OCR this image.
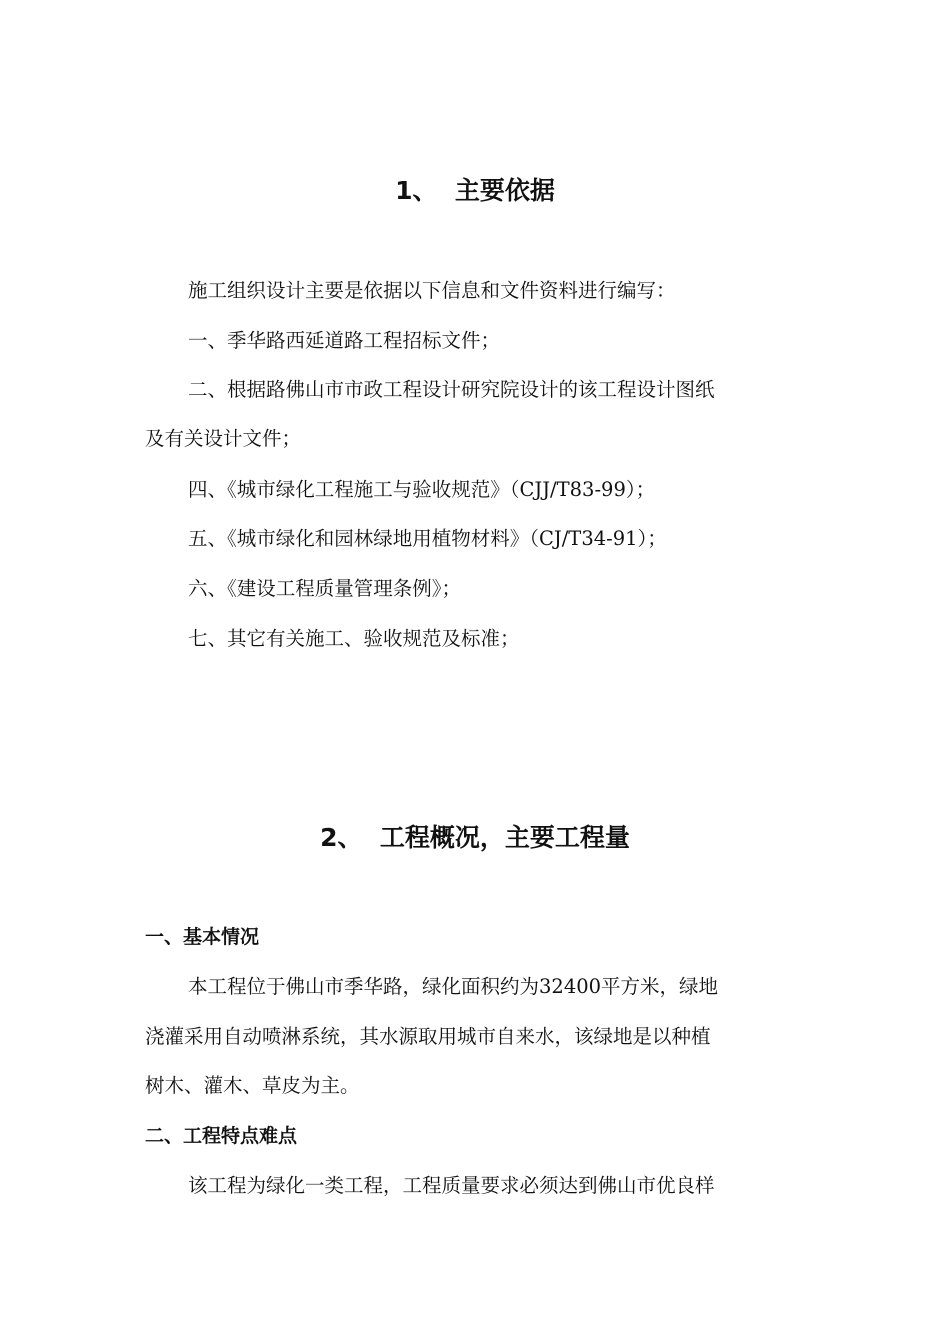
1、  主要依据
施工组织设计主要是依据以下信息和文件资料进行编写：
一、季华路西延道路工程招标文件；
二、根据路佛山市市政工程设计研究院设计的该工程设计图纸
及有关设计文件；
四、《城市绿化工程施工与验收规范》（CJJ/T83-99）；
五、《城市绿化和园林绿地用植物材料》（CJ/T34-91）；
六、《建设工程质量管理条例》；
七、其它有关施工、验收规范及标准；
2、  工程概况，主要工程量
一、基本情况
本工程位于佛山市季华路，绿化面积约为32400平方米，绿地
浇灌采用自动喷淋系统，其水源取用城市自来水，该绿地是以种植
树木、灌木、草皮为主。
二、工程特点难点
该工程为绿化一类工程，工程质量要求必须达到佛山市优良样
